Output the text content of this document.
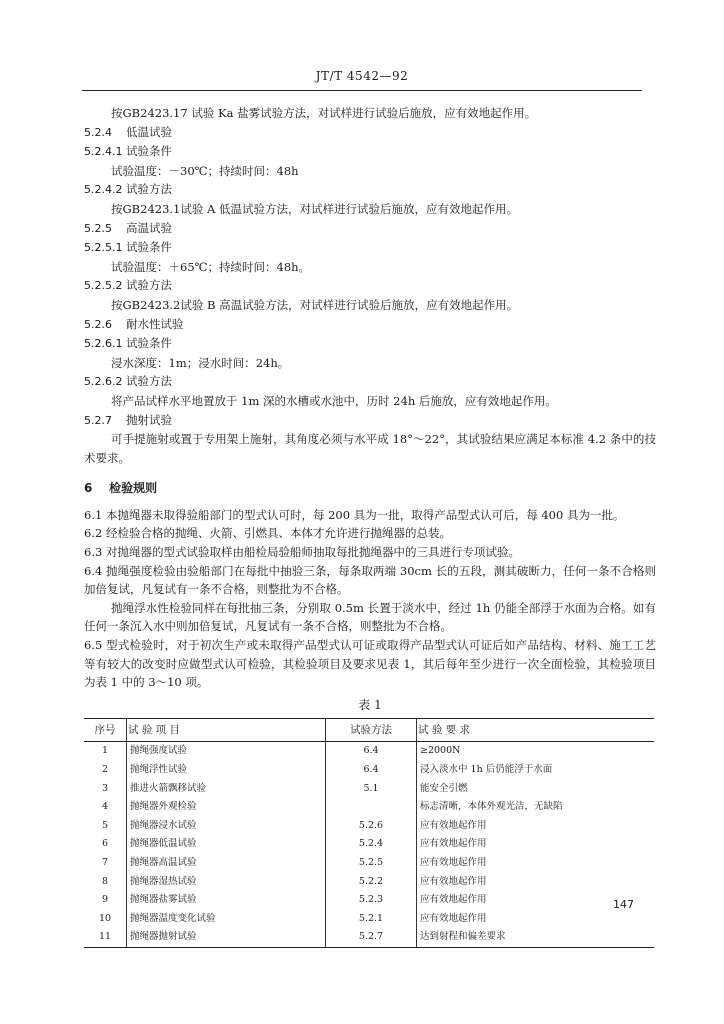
JT/T 4542—92
按GB2423.17 试验 Ka 盐雾试验方法，对试样进行试验后施放，应有效地起作用。
5.2.4 低温试验
5.2.4.1 试验条件
试验温度：－30℃；持续时间：48h
5.2.4.2 试验方法
按GB2423.1试验 A 低温试验方法，对试样进行试验后施放，应有效地起作用。
5.2.5 高温试验
5.2.5.1 试验条件
试验温度：＋65℃；持续时间：48h。
5.2.5.2 试验方法
按GB2423.2试验 B 高温试验方法，对试样进行试验后施放，应有效地起作用。
5.2.6 耐水性试验
5.2.6.1 试验条件
浸水深度：1m；浸水时间：24h。
5.2.6.2 试验方法
将产品试样水平地置放于 1m 深的水槽或水池中，历时 24h 后施放，应有效地起作用。
5.2.7 抛射试验
可手提施射或置于专用架上施射，其角度必须与水平成 18°～22°，其试验结果应满足本标准 4.2 条中的技术要求。
6 检验规则
6.1 本抛绳器未取得验船部门的型式认可时，每 200 具为一批，取得产品型式认可后，每 400 具为一批。
6.2 经检验合格的抛绳、火箭、引燃具、本体才允许进行抛绳器的总装。
6.3 对抛绳器的型式试验取样由船检局验船师抽取每批抛绳器中的三具进行专项试验。
6.4 抛绳强度检验由验船部门在每批中抽验三条，每条取两端 30cm 长的五段，测其破断力，任何一条不合格则加倍复试，凡复试有一条不合格，则整批为不合格。
抛绳浮水性检验同样在每批抽三条，分别取 0.5m 长置于淡水中，经过 1h 仍能全部浮于水面为合格。如有任何一条沉入水中则加倍复试，凡复试有一条不合格，则整批为不合格。
6.5 型式检验时，对于初次生产或未取得产品型式认可证或取得产品型式认可证后如产品结构、材料、施工工艺等有较大的改变时应做型式认可检验，其检验项目及要求见表 1，其后每年至少进行一次全面检验，其检验项目为表 1 中的 3～10 项。
表 1
序号	试 验 项 目	试验方法	试 验 要 求
1	抛绳强度试验	6.4	≥2000N
2	抛绳浮性试验	6.4	浸入淡水中 1h 后仍能浮于水面
3	推进火箭飘移试验	5.1	能安全引燃
4	抛绳器外观检验		标志清晰，本体外观光洁，无缺陷
5	抛绳器浸水试验	5.2.6	应有效地起作用
6	抛绳器低温试验	5.2.4	应有效地起作用
7	抛绳器高温试验	5.2.5	应有效地起作用
8	抛绳器湿热试验	5.2.2	应有效地起作用
9	抛绳器盐雾试验	5.2.3	应有效地起作用
10	抛绳器温度变化试验	5.2.1	应有效地起作用
11	抛绳器抛射试验	5.2.7	达到射程和偏差要求
147
